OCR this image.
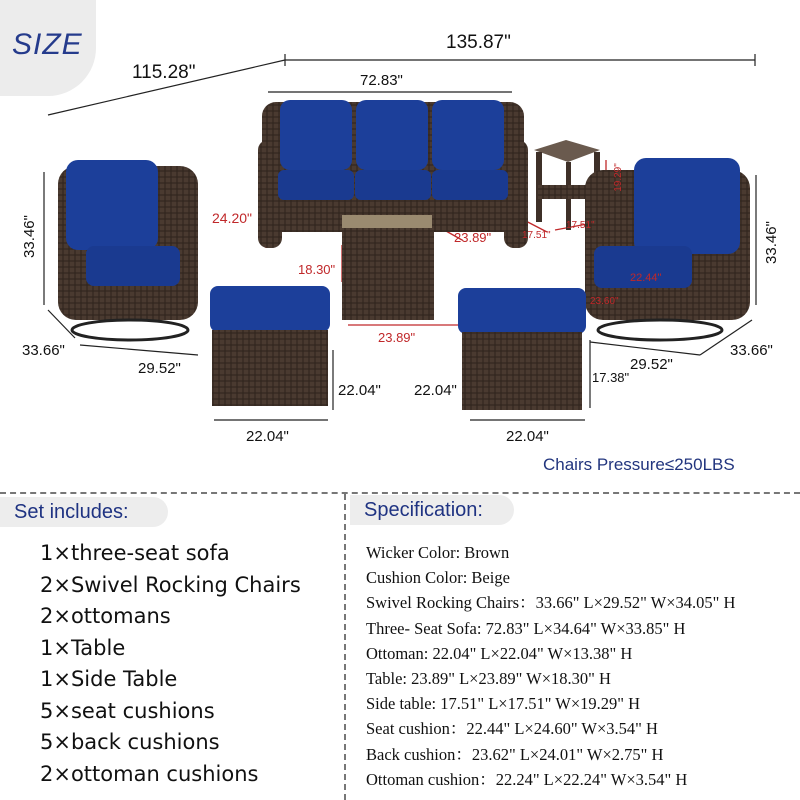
SIZE	135.87"
115.28"	72.83"
24.20"
23.89"
18.30"
23.89"
19.29"
17.51"
17.51"
33.46"
33.66"
29.52"
33.46"
33.66"
29.52"
22.44"
23.60"
22.04"
22.04" 22.04"
22.04"
17.38"
Chairs Pressure≤250LBS
Set includes:
1×three-seat sofa
2×Swivel Rocking Chairs
2×ottomans
1×Table
1×Side Table
5×seat cushions
5×back cushions
2×ottoman cushions
Specification:
Wicker Color: Brown
Cushion Color: Beige
Swivel Rocking Chairs：33.66" L×29.52" W×34.05" H
Three- Seat Sofa: 72.83" L×34.64" W×33.85" H
Ottoman: 22.04" L×22.04" W×13.38" H
Table: 23.89" L×23.89" W×18.30" H
Side table: 17.51" L×17.51" W×19.29" H
Seat cushion：22.44" L×24.60" W×3.54" H
Back cushion：23.62" L×24.01" W×2.75" H
Ottoman cushion：22.24" L×22.24" W×3.54" H
